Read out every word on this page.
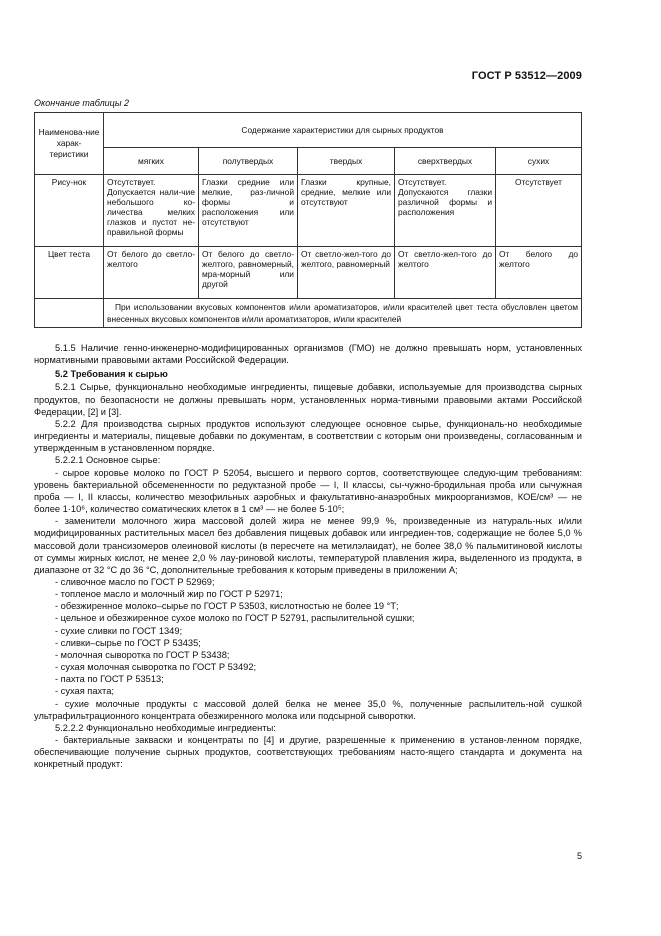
ГОСТ Р 53512—2009
Окончание таблицы 2
Наименова-ние харак-теристики	Содержание характеристики для сырных продуктов				
	мягких	полутвердых	твердых	сверхтвердых	сухих
Рису-нок	Отсутствует. Допускается нали-чие небольшого ко-личества мелких глазков и пустот не-правильной формы	Глазки средние или мелкие, раз-личной формы и расположения или отсутствуют	Глазки крупные, средние, мелкие или отсутствуют	Отсутствует. Допускаются глазки различной формы и расположения	Отсутствует
Цвет теста	От белого до светло-желтого	От белого до светло-желтого, равномерный, мра-морный или другой	От светло-жел-того до желтого, равномерный	От светло-жел-того до желтого	От белого до желтого
	При использовании вкусовых компонентов и/или ароматизаторов, и/или красителей цвет теста обусловлен цветом внесенных вкусовых компонентов и/или ароматизаторов, и/или красителей				

5.1.5 Наличие генно-инженерно-модифицированных организмов (ГМО) не должно превышать норм, установленных нормативными правовыми актами Российской Федерации.

5.2 Требования к сырью

5.2.1 Сырье, функционально необходимые ингредиенты, пищевые добавки, используемые для производства сырных продуктов, по безопасности не должны превышать норм, установленных норма-тивными правовыми актами Российской Федерации, [2] и [3].

5.2.2 Для производства сырных продуктов используют следующее основное сырье, функциональ-но необходимые ингредиенты и материалы, пищевые добавки по документам, в соответствии с которым они произведены, согласованным и утвержденным в установленном порядке.

5.2.2.1 Основное сырье:

- сырое коровье молоко по ГОСТ Р 52054, высшего и первого сортов, соответствующее следую-щим требованиям: уровень бактериальной обсемененности по редуктазной пробе — I, II классы, сы-чужно-бродильная проба или сычужная проба — I, II классы, количество мезофильных аэробных и факультативно-анаэробных микроорганизмов, КОЕ/см³ — не более 1·10⁶, количество соматических клеток в 1 см³ — не более 5·10⁵;

- заменители молочного жира массовой долей жира не менее 99,9 %, произведенные из натураль-ных и/или модифицированных растительных масел без добавления пищевых добавок или ингредиен-тов, содержащие не более 5,0 % массовой доли трансизомеров олеиновой кислоты (в пересчете на метилэлаидат), не более 38,0 % пальмитиновой кислоты от суммы жирных кислот, не менее 2,0 % лау-риновой кислоты, температурой плавления жира, выделенного из продукта, в диапазоне от 32 °С до 36 °С, дополнительные требования к которым приведены в приложении А;

- сливочное масло по ГОСТ Р 52969;

- топленое масло и молочный жир по ГОСТ Р 52971;

- обезжиренное молоко–сырье по ГОСТ Р 53503, кислотностью не более 19 °Т;

- цельное и обезжиренное сухое молоко по ГОСТ Р 52791, распылительной сушки;

- сухие сливки по ГОСТ 1349;

- сливки–сырье по ГОСТ Р 53435;

- молочная сыворотка по ГОСТ Р 53438;

- сухая молочная сыворотка по ГОСТ Р 53492;

- пахта по ГОСТ Р 53513;

- сухая пахта;

- сухие молочные продукты с массовой долей белка не менее 35,0 %, полученные распылитель-ной сушкой ультрафильтрационного концентрата обезжиренного молока или подсырной сыворотки.

5.2.2.2 Функционально необходимые ингредиенты:

- бактериальные закваски и концентраты по [4] и другие, разрешенные к применению в установ-ленном порядке, обеспечивающие получение сырных продуктов, соответствующих требованиям насто-ящего стандарта и документа на конкретный продукт:

5
